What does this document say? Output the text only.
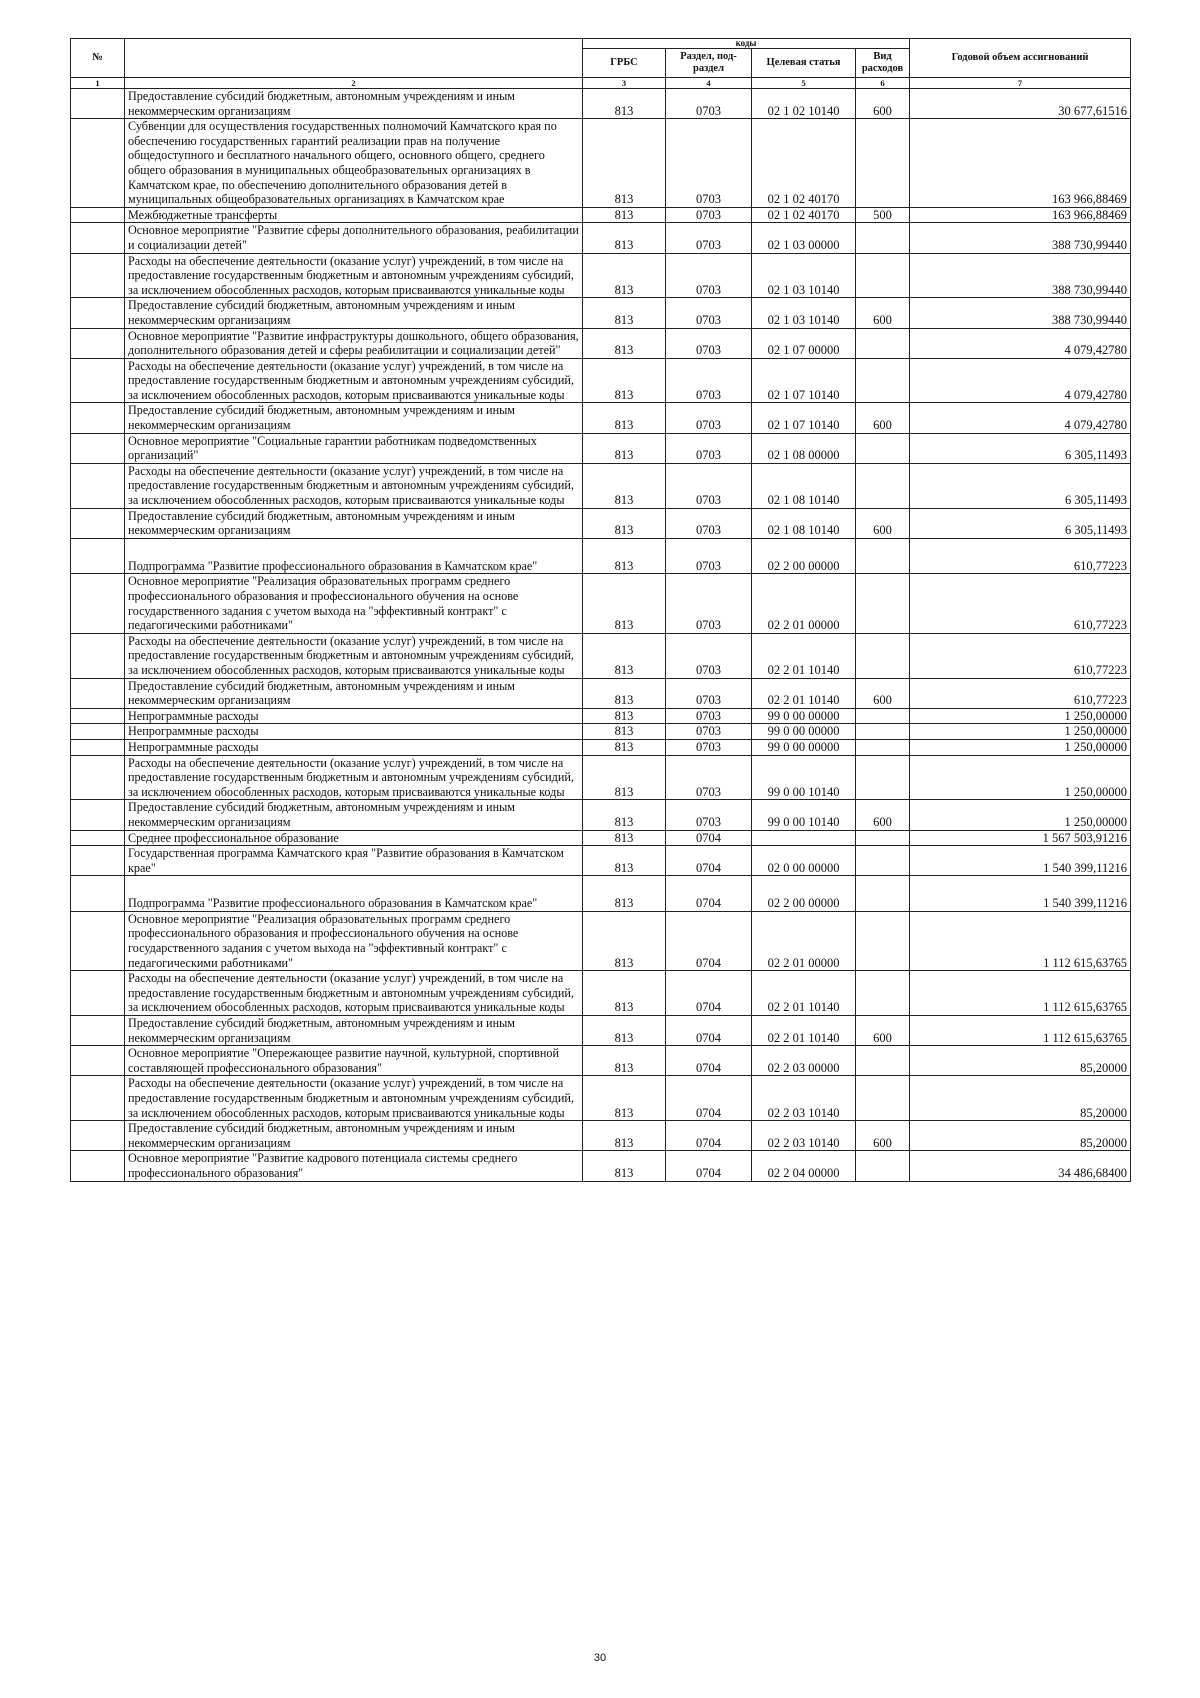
№		коды				Годовой объем ассигнований
		ГРБС	Раздел, под-раздел	Целевая статья	Вид расходов	
1	2	3	4	5	6	7
	Предоставление субсидий бюджетным, автономным учреждениям и иным некоммерческим организациям	813	0703	02 1 02 10140	600	30 677,61516
	Субвенции для осуществления государственных полномочий Камчатского края по обеспечению государственных гарантий реализации прав на получение общедоступного и бесплатного начального общего, основного общего, среднего общего образования в муниципальных общеобразовательных организациях в Камчатском крае, по обеспечению дополнительного образования детей в муниципальных общеобразовательных организациях в Камчатском крае	813	0703	02 1 02 40170		163 966,88469
	Межбюджетные трансферты	813	0703	02 1 02 40170	500	163 966,88469
	Основное мероприятие "Развитие сферы дополнительного образования, реабилитации и социализации детей"	813	0703	02 1 03 00000		388 730,99440
	Расходы на обеспечение деятельности (оказание услуг) учреждений, в том числе на предоставление государственным бюджетным и автономным учреждениям субсидий, за исключением обособленных расходов, которым присваиваются уникальные коды	813	0703	02 1 03 10140		388 730,99440
	Предоставление субсидий бюджетным, автономным учреждениям и иным некоммерческим организациям	813	0703	02 1 03 10140	600	388 730,99440
	Основное мероприятие "Развитие инфраструктуры дошкольного, общего образования, дополнительного образования детей и сферы реабилитации и социализации детей"	813	0703	02 1 07 00000		4 079,42780
	Расходы на обеспечение деятельности (оказание услуг) учреждений, в том числе на предоставление государственным бюджетным и автономным учреждениям субсидий, за исключением обособленных расходов, которым присваиваются уникальные коды	813	0703	02 1 07 10140		4 079,42780
	Предоставление субсидий бюджетным, автономным учреждениям и иным некоммерческим организациям	813	0703	02 1 07 10140	600	4 079,42780
	Основное мероприятие "Социальные гарантии работникам подведомственных организаций"	813	0703	02 1 08 00000		6 305,11493
	Расходы на обеспечение деятельности (оказание услуг) учреждений, в том числе на предоставление государственным бюджетным и автономным учреждениям субсидий, за исключением обособленных расходов, которым присваиваются уникальные коды	813	0703	02 1 08 10140		6 305,11493
	Предоставление субсидий бюджетным, автономным учреждениям и иным некоммерческим организациям	813	0703	02 1 08 10140	600	6 305,11493
	Подпрограмма "Развитие профессионального образования в Камчатском крае"	813	0703	02 2 00 00000		610,77223
	Основное мероприятие "Реализация образовательных программ среднего профессионального образования и профессионального обучения на основе государственного задания с учетом выхода на "эффективный контракт" с педагогическими работниками"	813	0703	02 2 01 00000		610,77223
	Расходы на обеспечение деятельности (оказание услуг) учреждений, в том числе на предоставление государственным бюджетным и автономным учреждениям субсидий, за исключением обособленных расходов, которым присваиваются уникальные коды	813	0703	02 2 01 10140		610,77223
	Предоставление субсидий бюджетным, автономным учреждениям и иным некоммерческим организациям	813	0703	02 2 01 10140	600	610,77223
	Непрограммные расходы	813	0703	99 0 00 00000		1 250,00000
	Непрограммные расходы	813	0703	99 0 00 00000		1 250,00000
	Непрограммные расходы	813	0703	99 0 00 00000		1 250,00000
	Расходы на обеспечение деятельности (оказание услуг) учреждений, в том числе на предоставление государственным бюджетным и автономным учреждениям субсидий, за исключением обособленных расходов, которым присваиваются уникальные коды	813	0703	99 0 00 10140		1 250,00000
	Предоставление субсидий бюджетным, автономным учреждениям и иным некоммерческим организациям	813	0703	99 0 00 10140	600	1 250,00000
	Среднее профессиональное образование	813	0704			1 567 503,91216
	Государственная программа Камчатского края "Развитие образования в Камчатском крае"	813	0704	02 0 00 00000		1 540 399,11216
	Подпрограмма "Развитие профессионального образования в Камчатском крае"	813	0704	02 2 00 00000		1 540 399,11216
	Основное мероприятие "Реализация образовательных программ среднего профессионального образования и профессионального обучения на основе государственного задания с учетом выхода на "эффективный контракт" с педагогическими работниками"	813	0704	02 2 01 00000		1 112 615,63765
	Расходы на обеспечение деятельности (оказание услуг) учреждений, в том числе на предоставление государственным бюджетным и автономным учреждениям субсидий, за исключением обособленных расходов, которым присваиваются уникальные коды	813	0704	02 2 01 10140		1 112 615,63765
	Предоставление субсидий бюджетным, автономным учреждениям и иным некоммерческим организациям	813	0704	02 2 01 10140	600	1 112 615,63765
	Основное мероприятие "Опережающее развитие научной, культурной, спортивной составляющей профессионального образования"	813	0704	02 2 03 00000		85,20000
	Расходы на обеспечение деятельности (оказание услуг) учреждений, в том числе на предоставление государственным бюджетным и автономным учреждениям субсидий, за исключением обособленных расходов, которым присваиваются уникальные коды	813	0704	02 2 03 10140		85,20000
	Предоставление субсидий бюджетным, автономным учреждениям и иным некоммерческим организациям	813	0704	02 2 03 10140	600	85,20000
	Основное мероприятие "Развитие кадрового потенциала системы среднего профессионального образования"	813	0704	02 2 04 00000		34 486,68400
30
